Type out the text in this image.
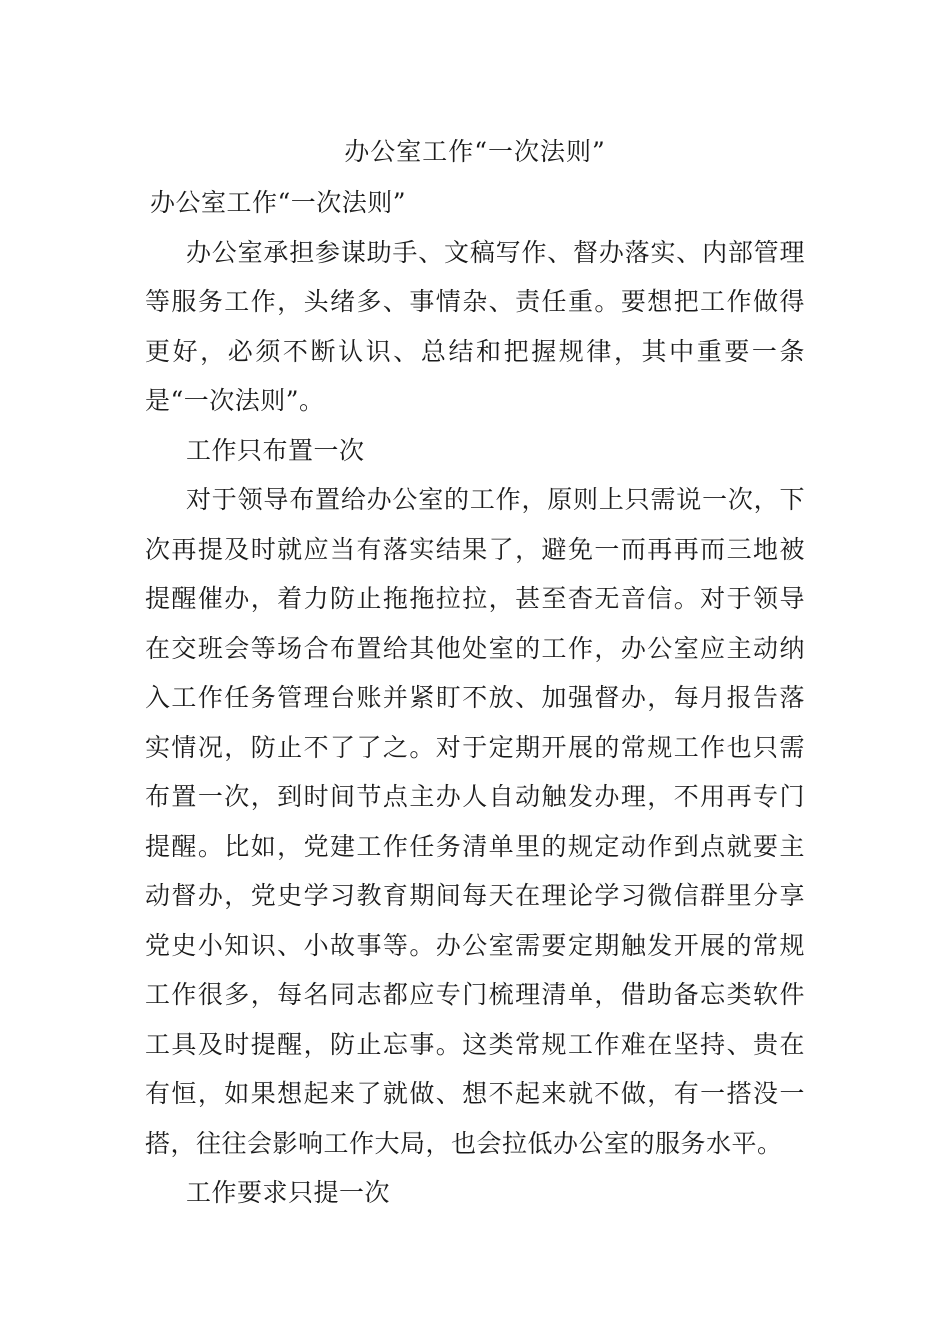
办公室工作“一次法则”

办公室工作“一次法则”

办公室承担参谋助手、文稿写作、督办落实、内部管理等服务工作，头绪多、事情杂、责任重。要想把工作做得更好，必须不断认识、总结和把握规律，其中重要一条是“一次法则”。

工作只布置一次

对于领导布置给办公室的工作，原则上只需说一次，下次再提及时就应当有落实结果了，避免一而再再而三地被提醒催办，着力防止拖拖拉拉，甚至杳无音信。对于领导在交班会等场合布置给其他处室的工作，办公室应主动纳入工作任务管理台账并紧盯不放、加强督办，每月报告落实情况，防止不了了之。对于定期开展的常规工作也只需布置一次，到时间节点主办人自动触发办理，不用再专门提醒。比如，党建工作任务清单里的规定动作到点就要主动督办，党史学习教育期间每天在理论学习微信群里分享党史小知识、小故事等。办公室需要定期触发开展的常规工作很多，每名同志都应专门梳理清单，借助备忘类软件工具及时提醒，防止忘事。这类常规工作难在坚持、贵在有恒，如果想起来了就做、想不起来就不做，有一搭没一搭，往往会影响工作大局，也会拉低办公室的服务水平。

工作要求只提一次
